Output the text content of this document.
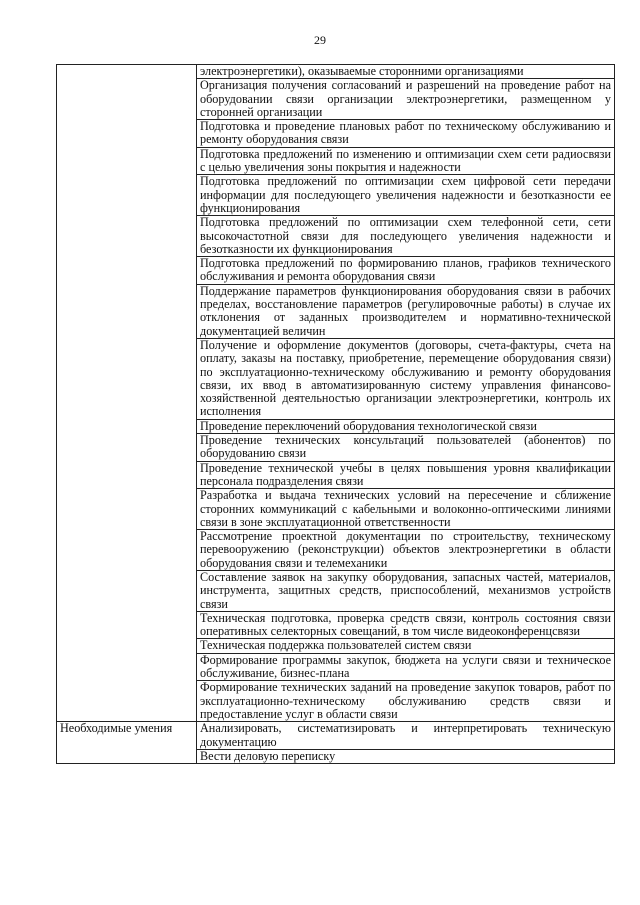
29
	электроэнергетики), оказываемые сторонними организациями
	Организация получения согласований и разрешений на проведение работ на оборудовании связи организации электроэнергетики, размещенном у сторонней организации
	Подготовка и проведение плановых работ по техническому обслуживанию и ремонту оборудования связи
	Подготовка предложений по изменению и оптимизации схем сети радиосвязи с целью увеличения зоны покрытия и надежности
	Подготовка предложений по оптимизации схем цифровой сети передачи информации для последующего увеличения надежности и безотказности ее функционирования
	Подготовка предложений по оптимизации схем телефонной сети, сети высокочастотной связи для последующего увеличения надежности и безотказности их функционирования
	Подготовка предложений по формированию планов, графиков технического обслуживания и ремонта оборудования связи
	Поддержание параметров функционирования оборудования связи в рабочих пределах, восстановление параметров (регулировочные работы) в случае их отклонения от заданных производителем и нормативно-технической документацией величин
	Получение и оформление документов (договоры, счета-фактуры, счета на оплату, заказы на поставку, приобретение, перемещение оборудования связи) по эксплуатационно-техническому обслуживанию и ремонту оборудования связи, их ввод в автоматизированную систему управления финансово-хозяйственной деятельностью организации электроэнергетики, контроль их исполнения
	Проведение переключений оборудования технологической связи
	Проведение технических консультаций пользователей (абонентов) по оборудованию связи
	Проведение технической учебы в целях повышения уровня квалификации персонала подразделения связи
	Разработка и выдача технических условий на пересечение и сближение сторонних коммуникаций с кабельными и волоконно-оптическими линиями связи в зоне эксплуатационной ответственности
	Рассмотрение проектной документации по строительству, техническому перевооружению (реконструкции) объектов электроэнергетики в области оборудования связи и телемеханики
	Составление заявок на закупку оборудования, запасных частей, материалов, инструмента, защитных средств, приспособлений, механизмов устройств связи
	Техническая подготовка, проверка средств связи, контроль состояния связи оперативных селекторных совещаний, в том числе видеоконференцсвязи
	Техническая поддержка пользователей систем связи
	Формирование программы закупок, бюджета на услуги связи и техническое обслуживание, бизнес-плана
	Формирование технических заданий на проведение закупок товаров, работ по эксплуатационно-техническому обслуживанию средств связи и предоставление услуг в области связи
Необходимые умения	Анализировать, систематизировать и интерпретировать техническую документацию
	Вести деловую переписку
